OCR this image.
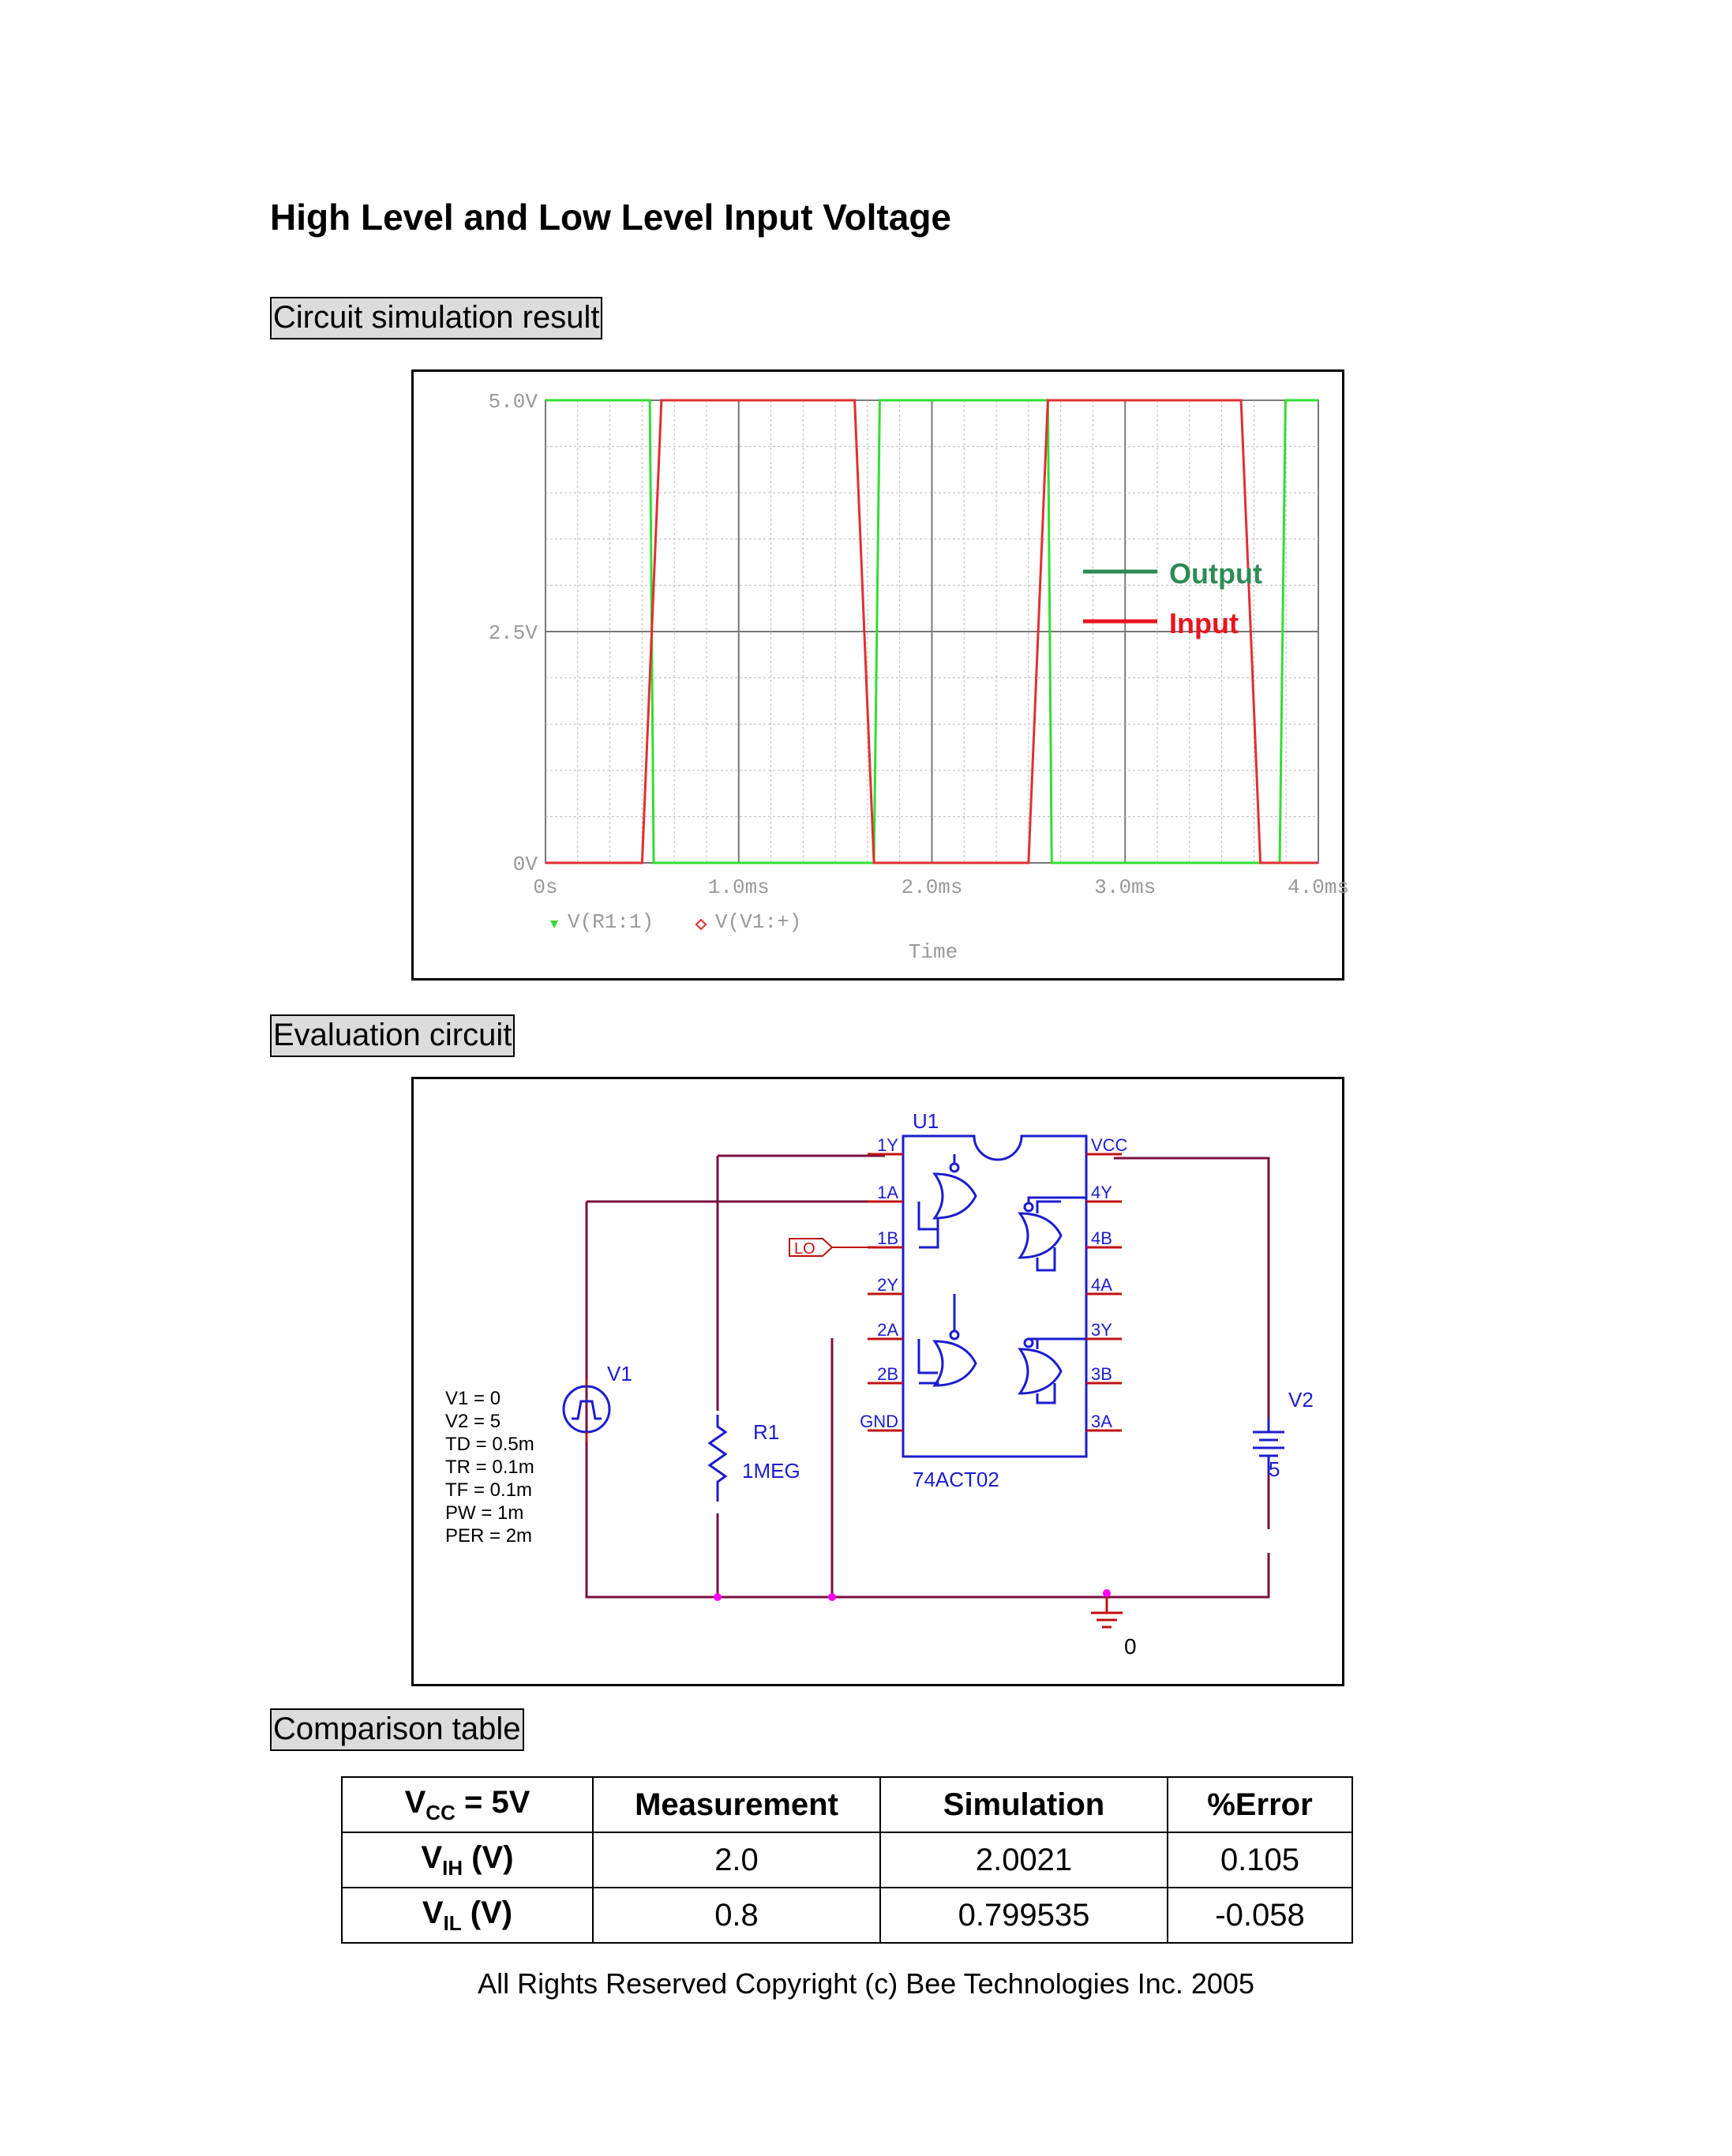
High Level and Low Level Input Voltage
Circuit simulation result
0V
2.5V
5.0V
0s	1.0ms	2.0ms	3.0ms	4.0ms
V(R1:1)	V(V1:+)
Time
Output
Input
Evaluation circuit
0
U1
74ACT02
1Y
1A
1B
2Y
2A
2B
GND
VCC
4Y
4B
4A
3Y
3B
3A
LO
V1
V1 = 0
V2 = 5
TD = 0.5m
TR = 0.1m
TF = 0.1m
PW = 1m
PER = 2m
R1
1MEG
V2
5
Comparison table
$V_{CC} = 5V$	Measurement	Simulation	%Error
$V_{IH}$ (V)	2.0	2.0021	0.105
$V_{IL}$ (V)	0.8	0.799535	-0.058
All Rights Reserved Copyright (c) Bee Technologies Inc. 2005
